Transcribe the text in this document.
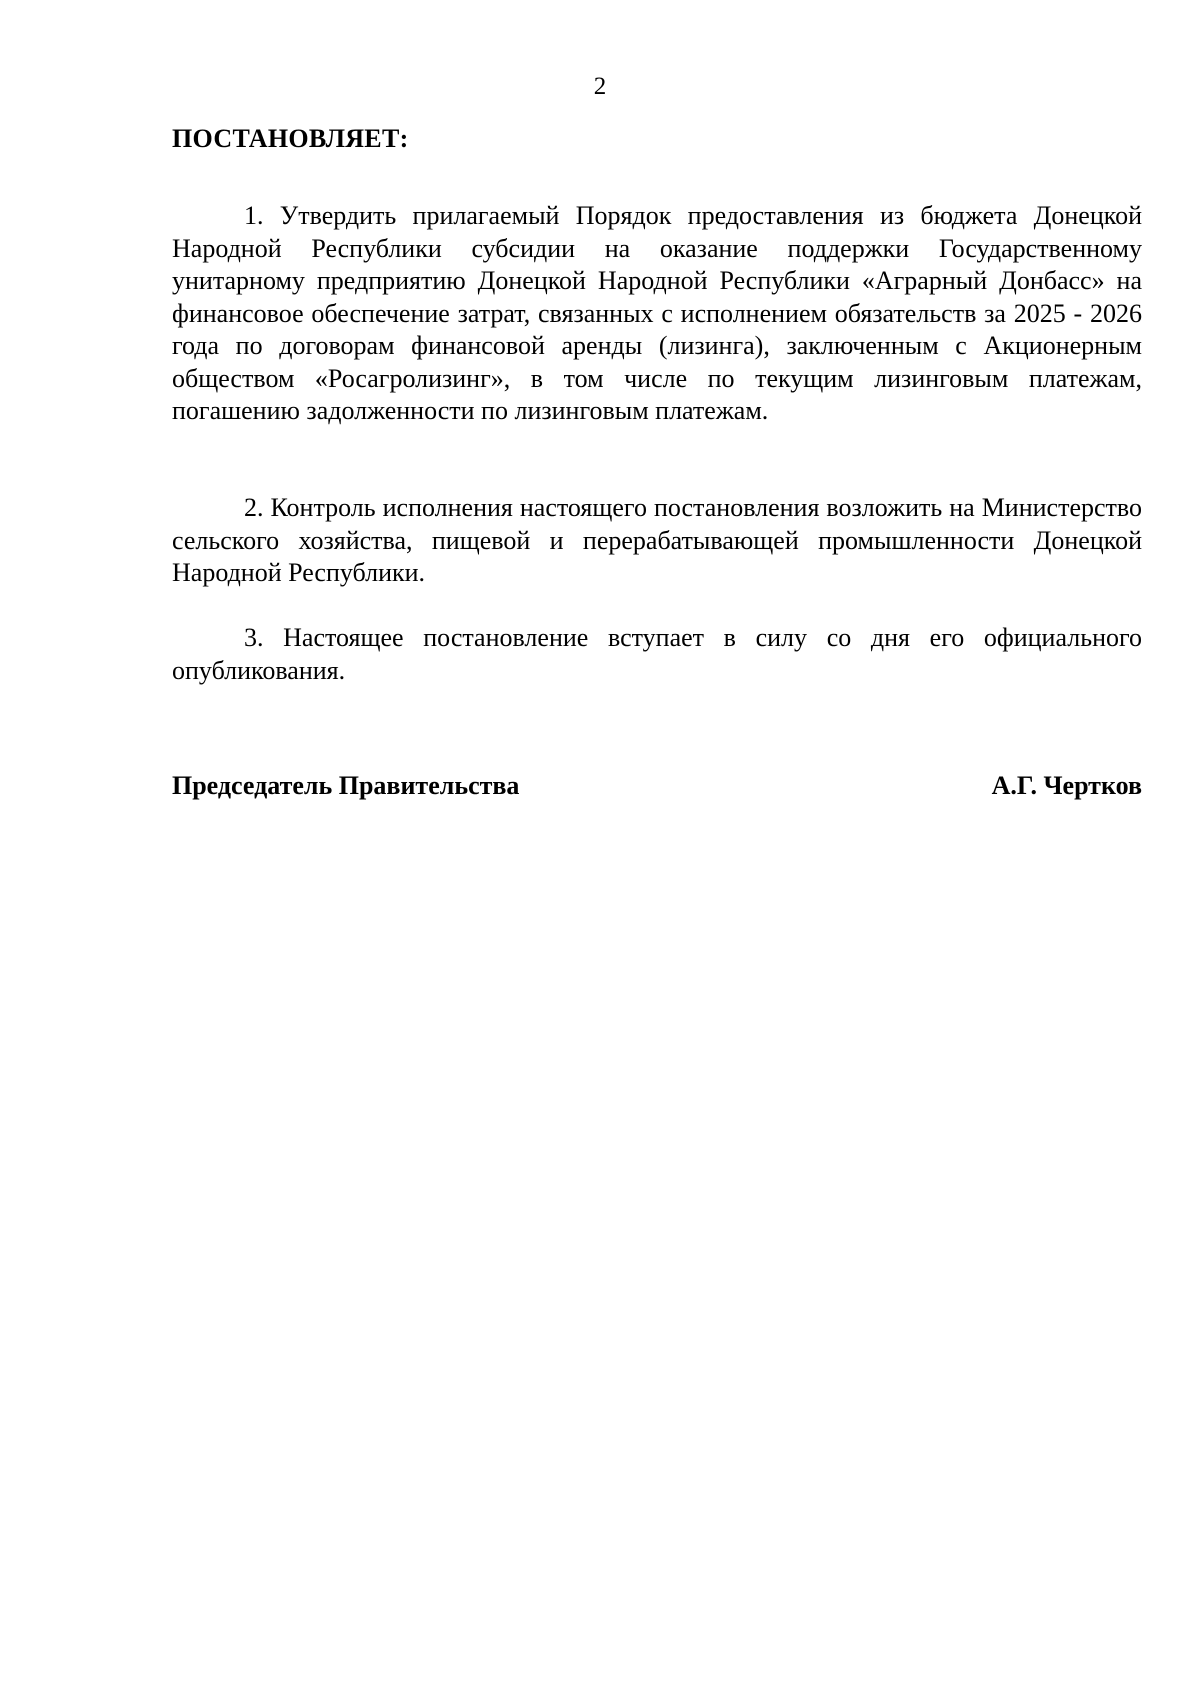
2
ПОСТАНОВЛЯЕТ:

1. Утвердить прилагаемый Порядок предоставления из бюджета Донецкой Народной Республики субсидии на оказание поддержки Государственному унитарному предприятию Донецкой Народной Республики «Аграрный Донбасс» на финансовое обеспечение затрат, связанных с исполнением обязательств за 2025 - 2026 года по договорам финансовой аренды (лизинга), заключенным с Акционерным обществом «Росагролизинг», в том числе по текущим лизинговым платежам, погашению задолженности по лизинговым платежам.

2. Контроль исполнения настоящего постановления возложить на Министерство сельского хозяйства, пищевой и перерабатывающей промышленности Донецкой Народной Республики.

3. Настоящее постановление вступает в силу со дня его официального опубликования.

Председатель Правительства	А.Г. Чертков
